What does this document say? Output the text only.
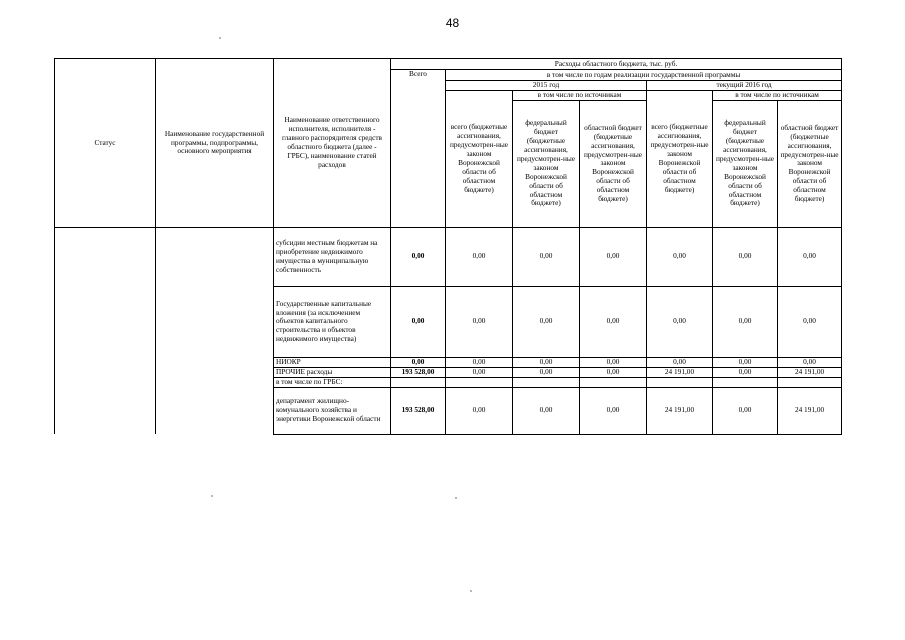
48
Статус	Наименование государственной программы, подпрограммы, основного мероприятия	Наименование ответственного исполнителя, исполнителя - главного распорядителя средств областного бюджета (далее - ГРБС), наименование статей расходов	Расходы областного бюджета, тыс. руб.						
			Всего	в том числе по годам реализации государственной программы					
				2015 год			текущий 2016 год		
				всего (бюджетные ассигнования, предусмотрен-ные законом Воронежской области об областном бюджете)	в том числе по источникам		всего (бюджетные ассигнования, предусмотрен-ные законом Воронежской области об областном бюджете)	в том числе по источникам	
					федеральный бюджет (бюджетные ассигнования, предусмотрен-ные законом Воронежской области об областном бюджете)	областной бюджет (бюджетные ассигнования, предусмотрен-ные законом Воронежской области об областном бюджете)		федеральный бюджет (бюджетные ассигнования, предусмотрен-ные законом Воронежской области об областном бюджете)	областной бюджет (бюджетные ассигнования, предусмотрен-ные законом Воронежской области об областном бюджете)
		субсидии местным бюджетам на приобретение недвижимого имущества в муниципальную собственность	0,00	0,00	0,00	0,00	0,00	0,00	0,00
		Государственные капитальные вложения (за исключением объектов капитального строительства и объектов недвижимого имущества)	0,00	0,00	0,00	0,00	0,00	0,00	0,00
		НИОКР	0,00	0,00	0,00	0,00	0,00	0,00	0,00
		ПРОЧИЕ расходы	193 528,00	0,00	0,00	0,00	24 191,00	0,00	24 191,00
		в том числе по ГРБС:							
		департамент жилищно-комунального хозяйства и энергетики Воронежской области	193 528,00	0,00	0,00	0,00	24 191,00	0,00	24 191,00
